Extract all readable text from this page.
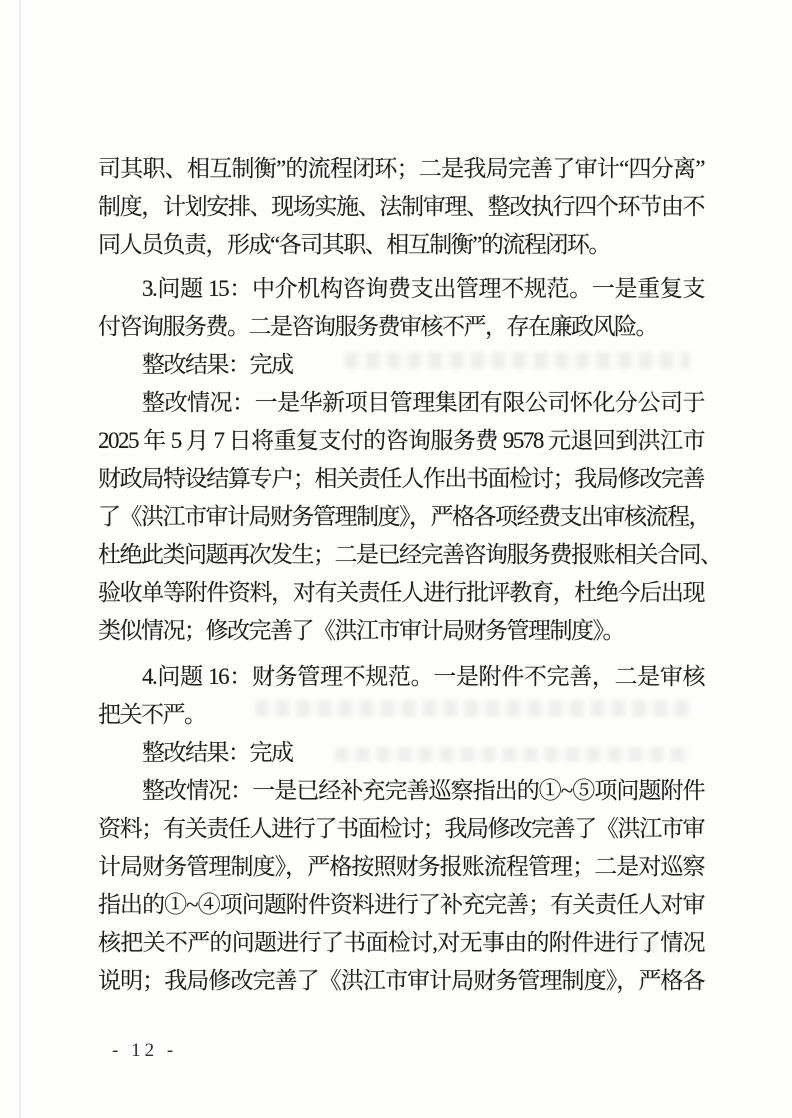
司其职、相互制衡”的流程闭环；二是我局完善了审计“四分离”
制度，计划安排、现场实施、法制审理、整改执行四个环节由不
同人员负责，形成“各司其职、相互制衡”的流程闭环。
3.问题 15：中介机构咨询费支出管理不规范。一是重复支
付咨询服务费。二是咨询服务费审核不严，存在廉政风险。
整改结果：完成
整改情况：一是华新项目管理集团有限公司怀化分公司于
2025 年 5 月 7 日将重复支付的咨询服务费 9578 元退回到洪江市
财政局特设结算专户；相关责任人作出书面检讨；我局修改完善
了《洪江市审计局财务管理制度》，严格各项经费支出审核流程，
杜绝此类问题再次发生；二是已经完善咨询服务费报账相关合同、
验收单等附件资料，对有关责任人进行批评教育，杜绝今后出现
类似情况；修改完善了《洪江市审计局财务管理制度》。
4.问题 16：财务管理不规范。一是附件不完善，二是审核
把关不严。
整改结果：完成
整改情况：一是已经补充完善巡察指出的①~⑤项问题附件
资料；有关责任人进行了书面检讨；我局修改完善了《洪江市审
计局财务管理制度》，严格按照财务报账流程管理；二是对巡察
指出的①~④项问题附件资料进行了补充完善；有关责任人对审
核把关不严的问题进行了书面检讨,对无事由的附件进行了情况
说明；我局修改完善了《洪江市审计局财务管理制度》，严格各
- 12 -
